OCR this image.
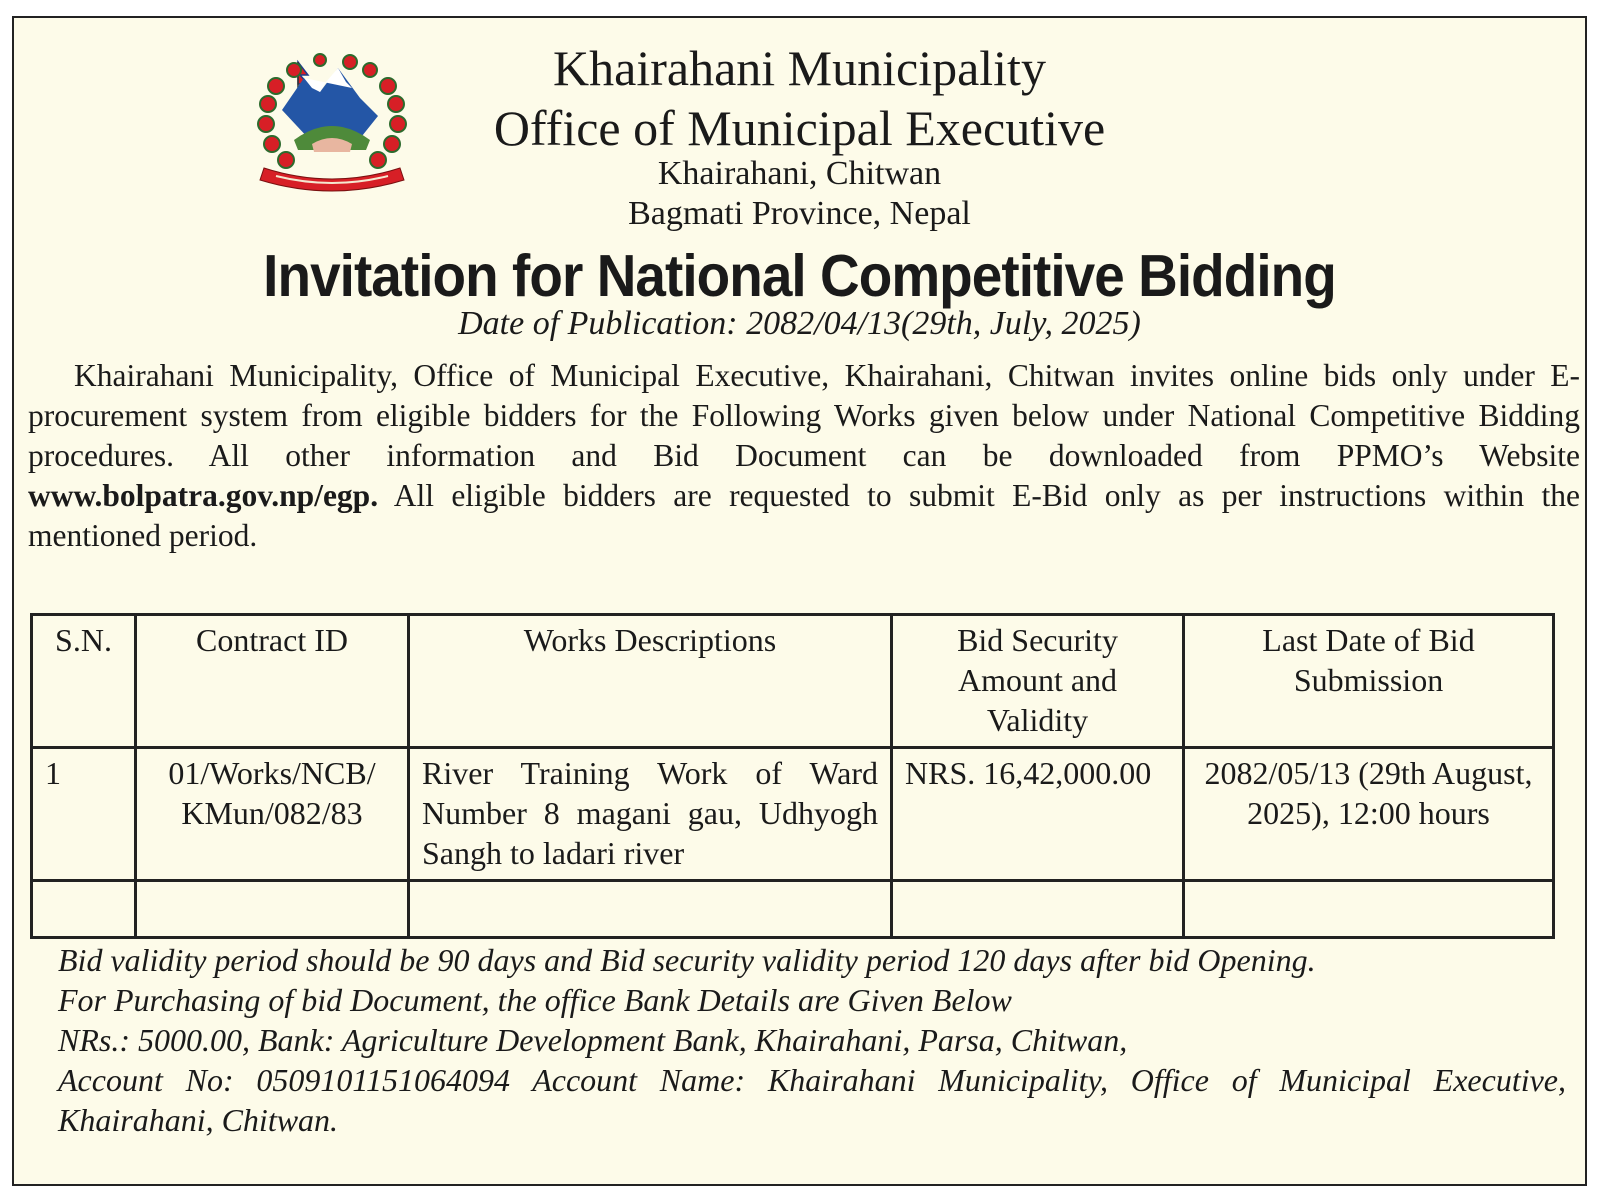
Khairahani Municipality
Office of Municipal Executive
Khairahani, Chitwan
Bagmati Province, Nepal
Invitation for National Competitive Bidding
Date of Publication: 2082/04/13(29th, July, 2025)

Khairahani Municipality, Office of Municipal Executive, Khairahani, Chitwan invites online bids only under E-procurement system from eligible bidders for the Following Works given below under National Competitive Bidding procedures. All other information and Bid Document can be downloaded from PPMO’s Website www.bolpatra.gov.np/egp. All eligible bidders are requested to submit E-Bid only as per instructions within the mentioned period.

S.N.	Contract ID	Works Descriptions	Bid Security Amount and Validity	Last Date of Bid Submission
1	01/Works/NCB/ KMun/082/83	River Training Work of Ward Number 8 magani gau, Udhyogh Sangh to ladari river	NRS. 16,42,000.00	2082/05/13 (29th August, 2025), 12:00 hours

Bid validity period should be 90 days and Bid security validity period 120 days after bid Opening.
For Purchasing of bid Document, the office Bank Details are Given Below
NRs.: 5000.00, Bank: Agriculture Development Bank, Khairahani, Parsa, Chitwan,
Account No: 0509101151064094 Account Name: Khairahani Municipality, Office of Municipal Executive, Khairahani, Chitwan.
